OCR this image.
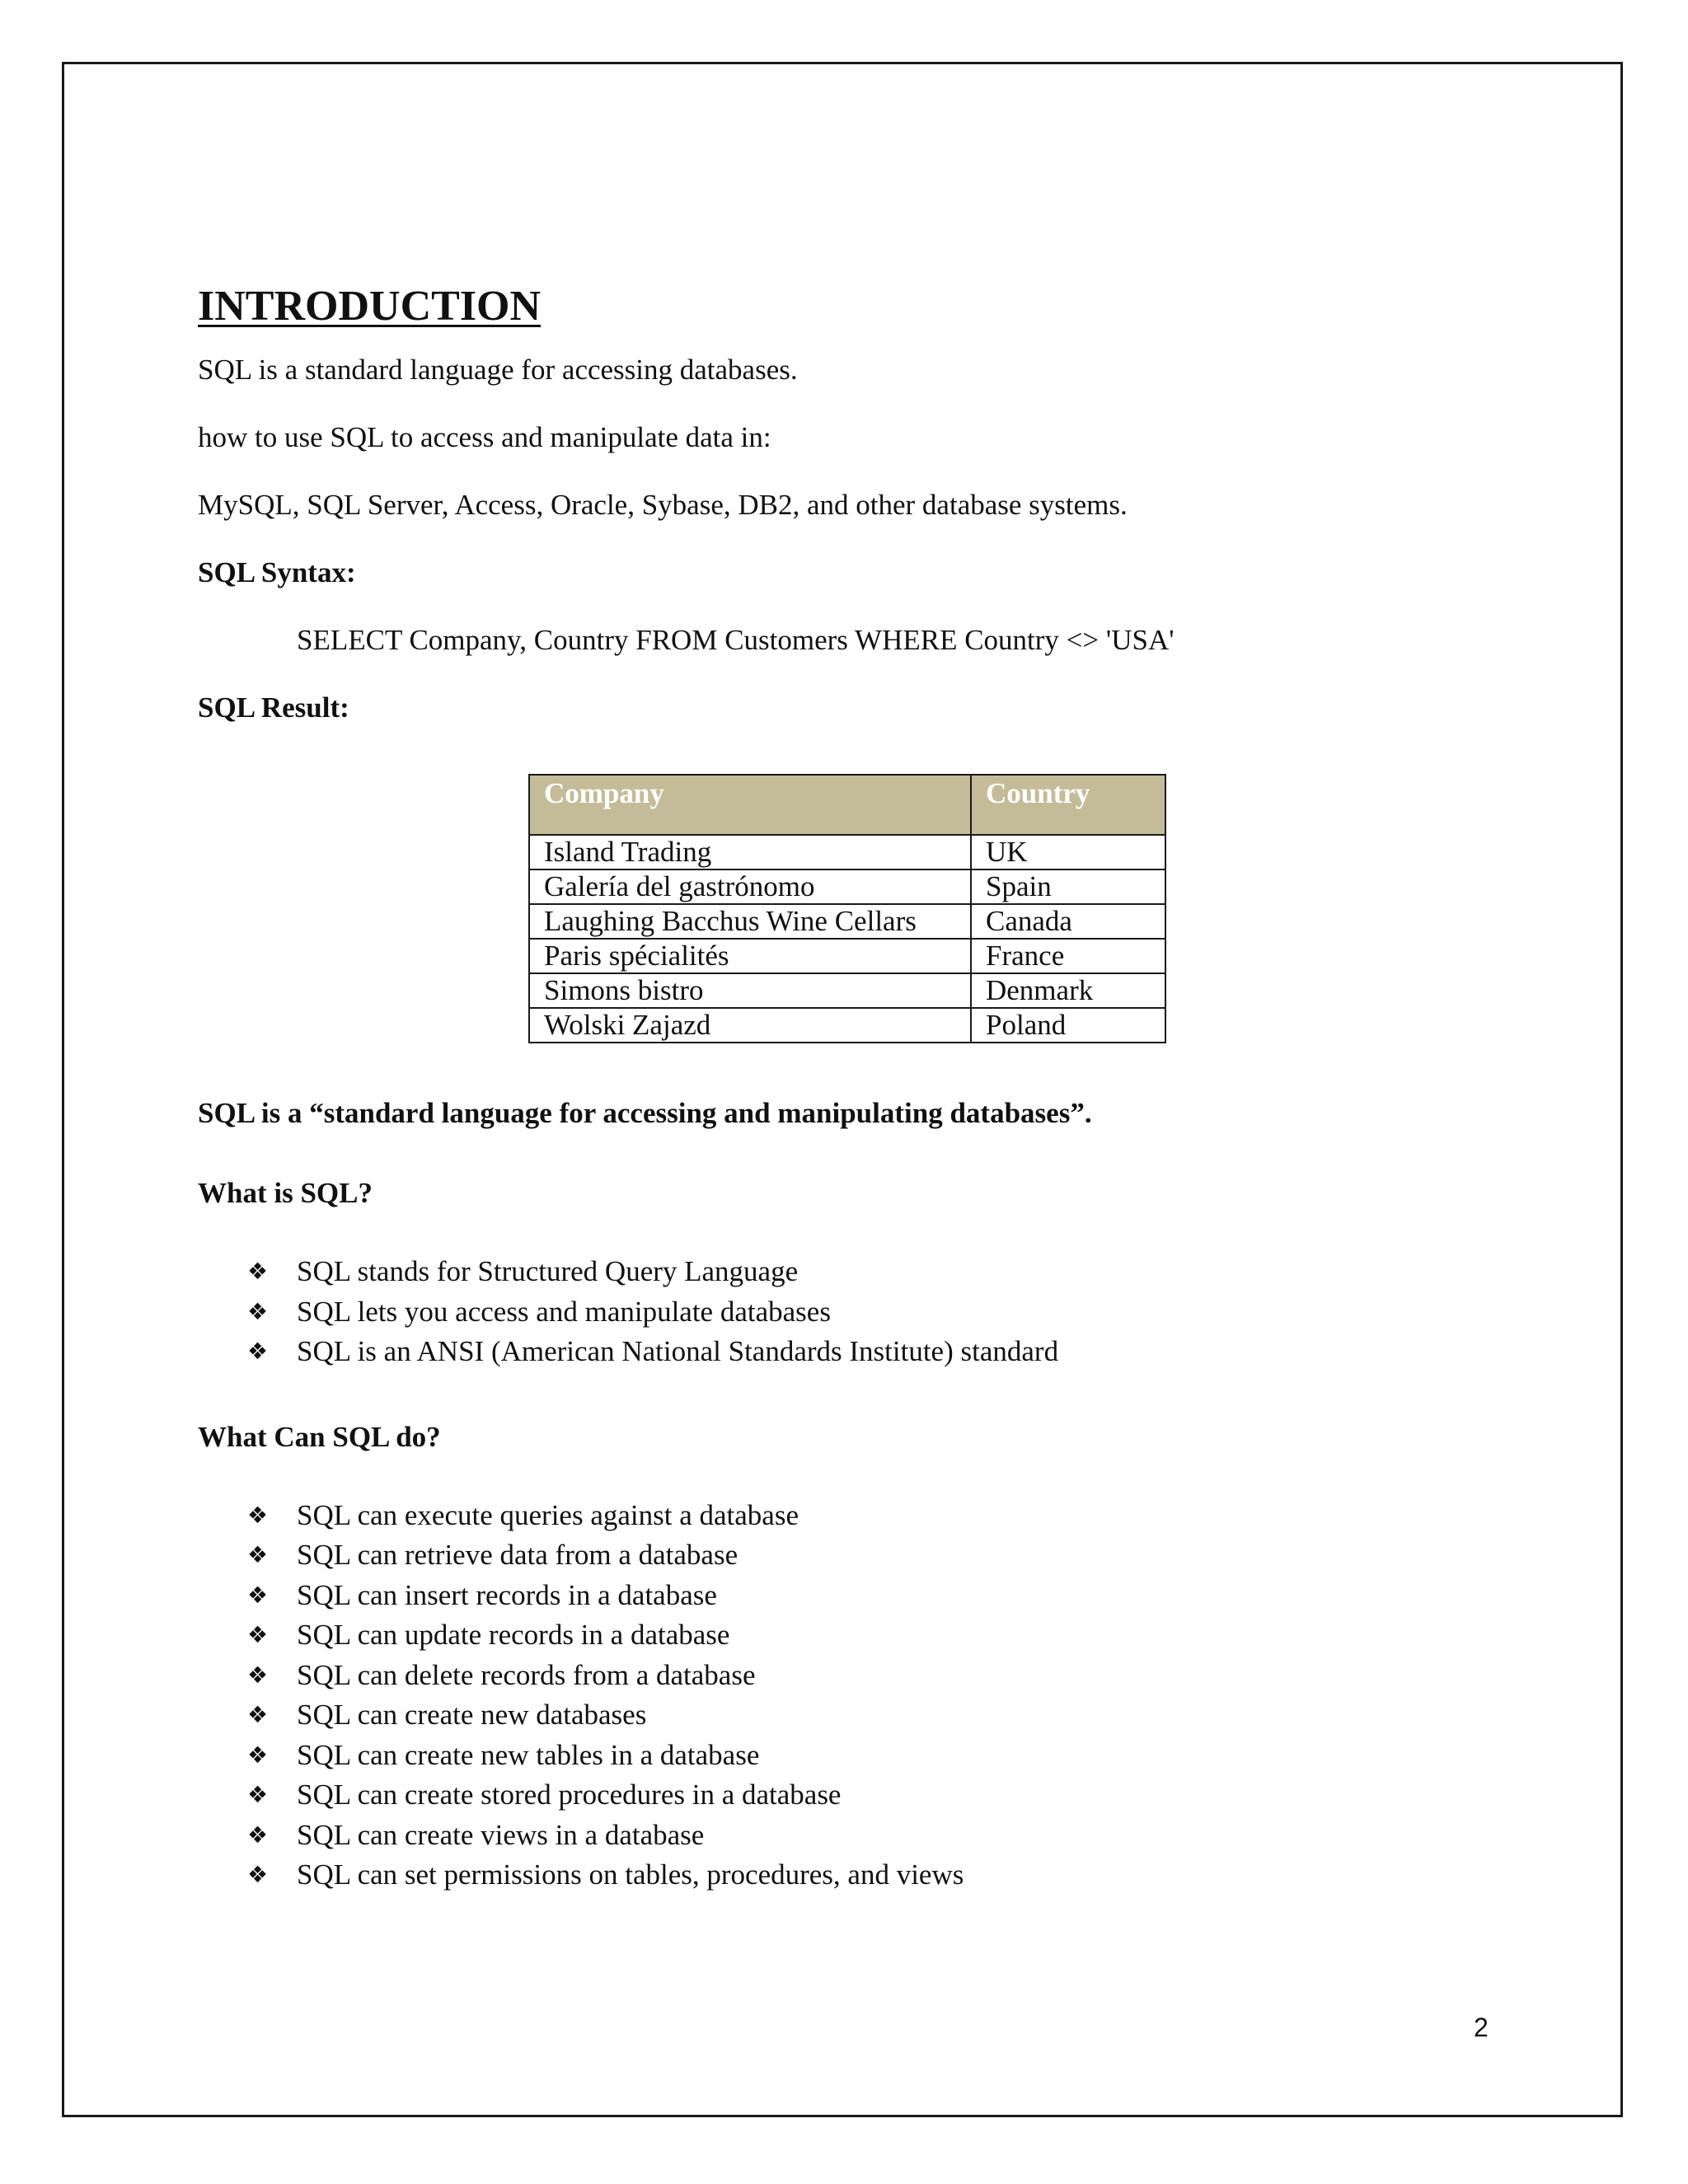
INTRODUCTION

SQL is a standard language for accessing databases.

how to use SQL to access and manipulate data in:

MySQL, SQL Server, Access, Oracle, Sybase, DB2, and other database systems.

SQL Syntax:

SELECT Company, Country FROM Customers WHERE Country <> 'USA'

SQL Result:

Company	Country
Island Trading	UK
Galería del gastrónomo	Spain
Laughing Bacchus Wine Cellars	Canada
Paris spécialités	France
Simons bistro	Denmark
Wolski Zajazd	Poland

SQL is a “standard language for accessing and manipulating databases”.

What is SQL?

❖ SQL stands for Structured Query Language
❖ SQL lets you access and manipulate databases
❖ SQL is an ANSI (American National Standards Institute) standard

What Can SQL do?

❖ SQL can execute queries against a database
❖ SQL can retrieve data from a database
❖ SQL can insert records in a database
❖ SQL can update records in a database
❖ SQL can delete records from a database
❖ SQL can create new databases
❖ SQL can create new tables in a database
❖ SQL can create stored procedures in a database
❖ SQL can create views in a database
❖ SQL can set permissions on tables, procedures, and views
2
